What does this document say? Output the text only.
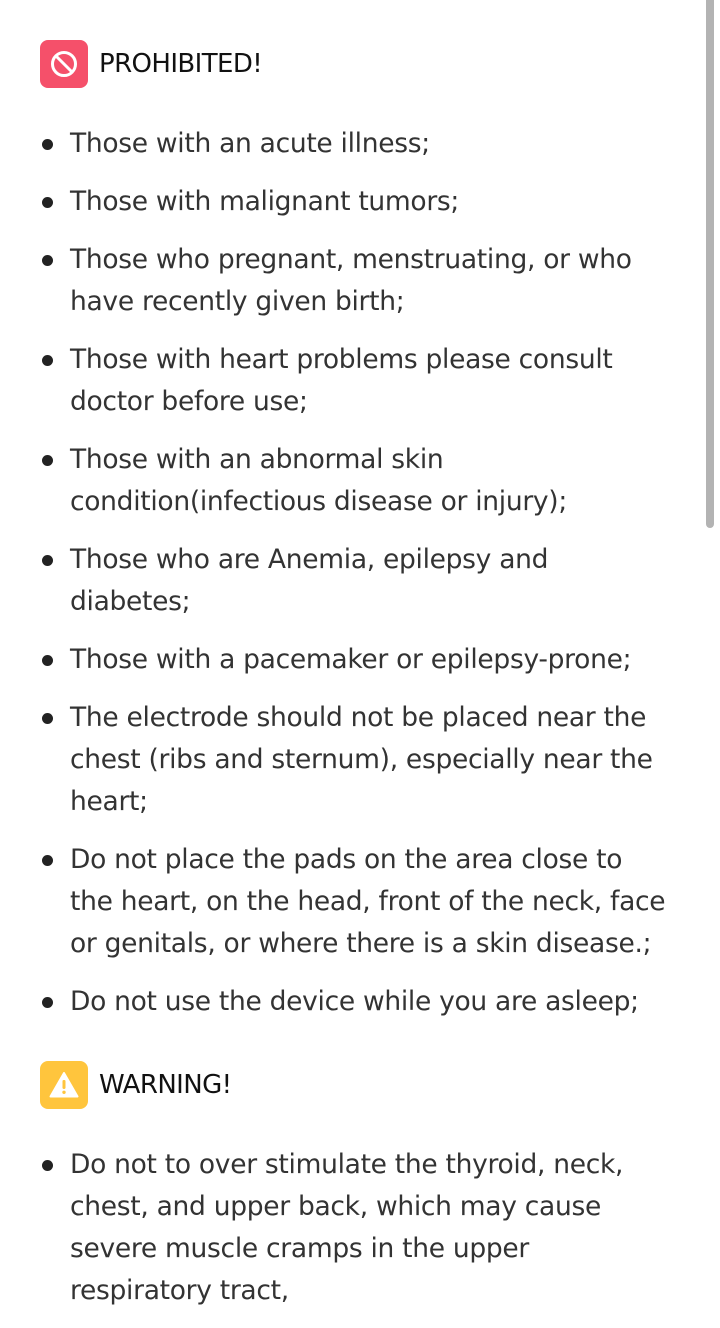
PROHIBITED!
Those with an acute illness;
Those with malignant tumors;
Those who pregnant, menstruating, or who have recently given birth;
Those with heart problems please consult doctor before use;
Those with an abnormal skin condition(infectious disease or injury);
Those who are Anemia, epilepsy and diabetes;
Those with a pacemaker or epilepsy-prone;
The electrode should not be placed near the chest (ribs and sternum), especially near the heart;
Do not place the pads on the area close to the heart, on the head, front of the neck, face or genitals, or where there is a skin disease.;
Do not use the device while you are asleep;
WARNING!
Do not to over stimulate the thyroid, neck, chest, and upper back, which may cause severe muscle cramps in the upper respiratory tract,
